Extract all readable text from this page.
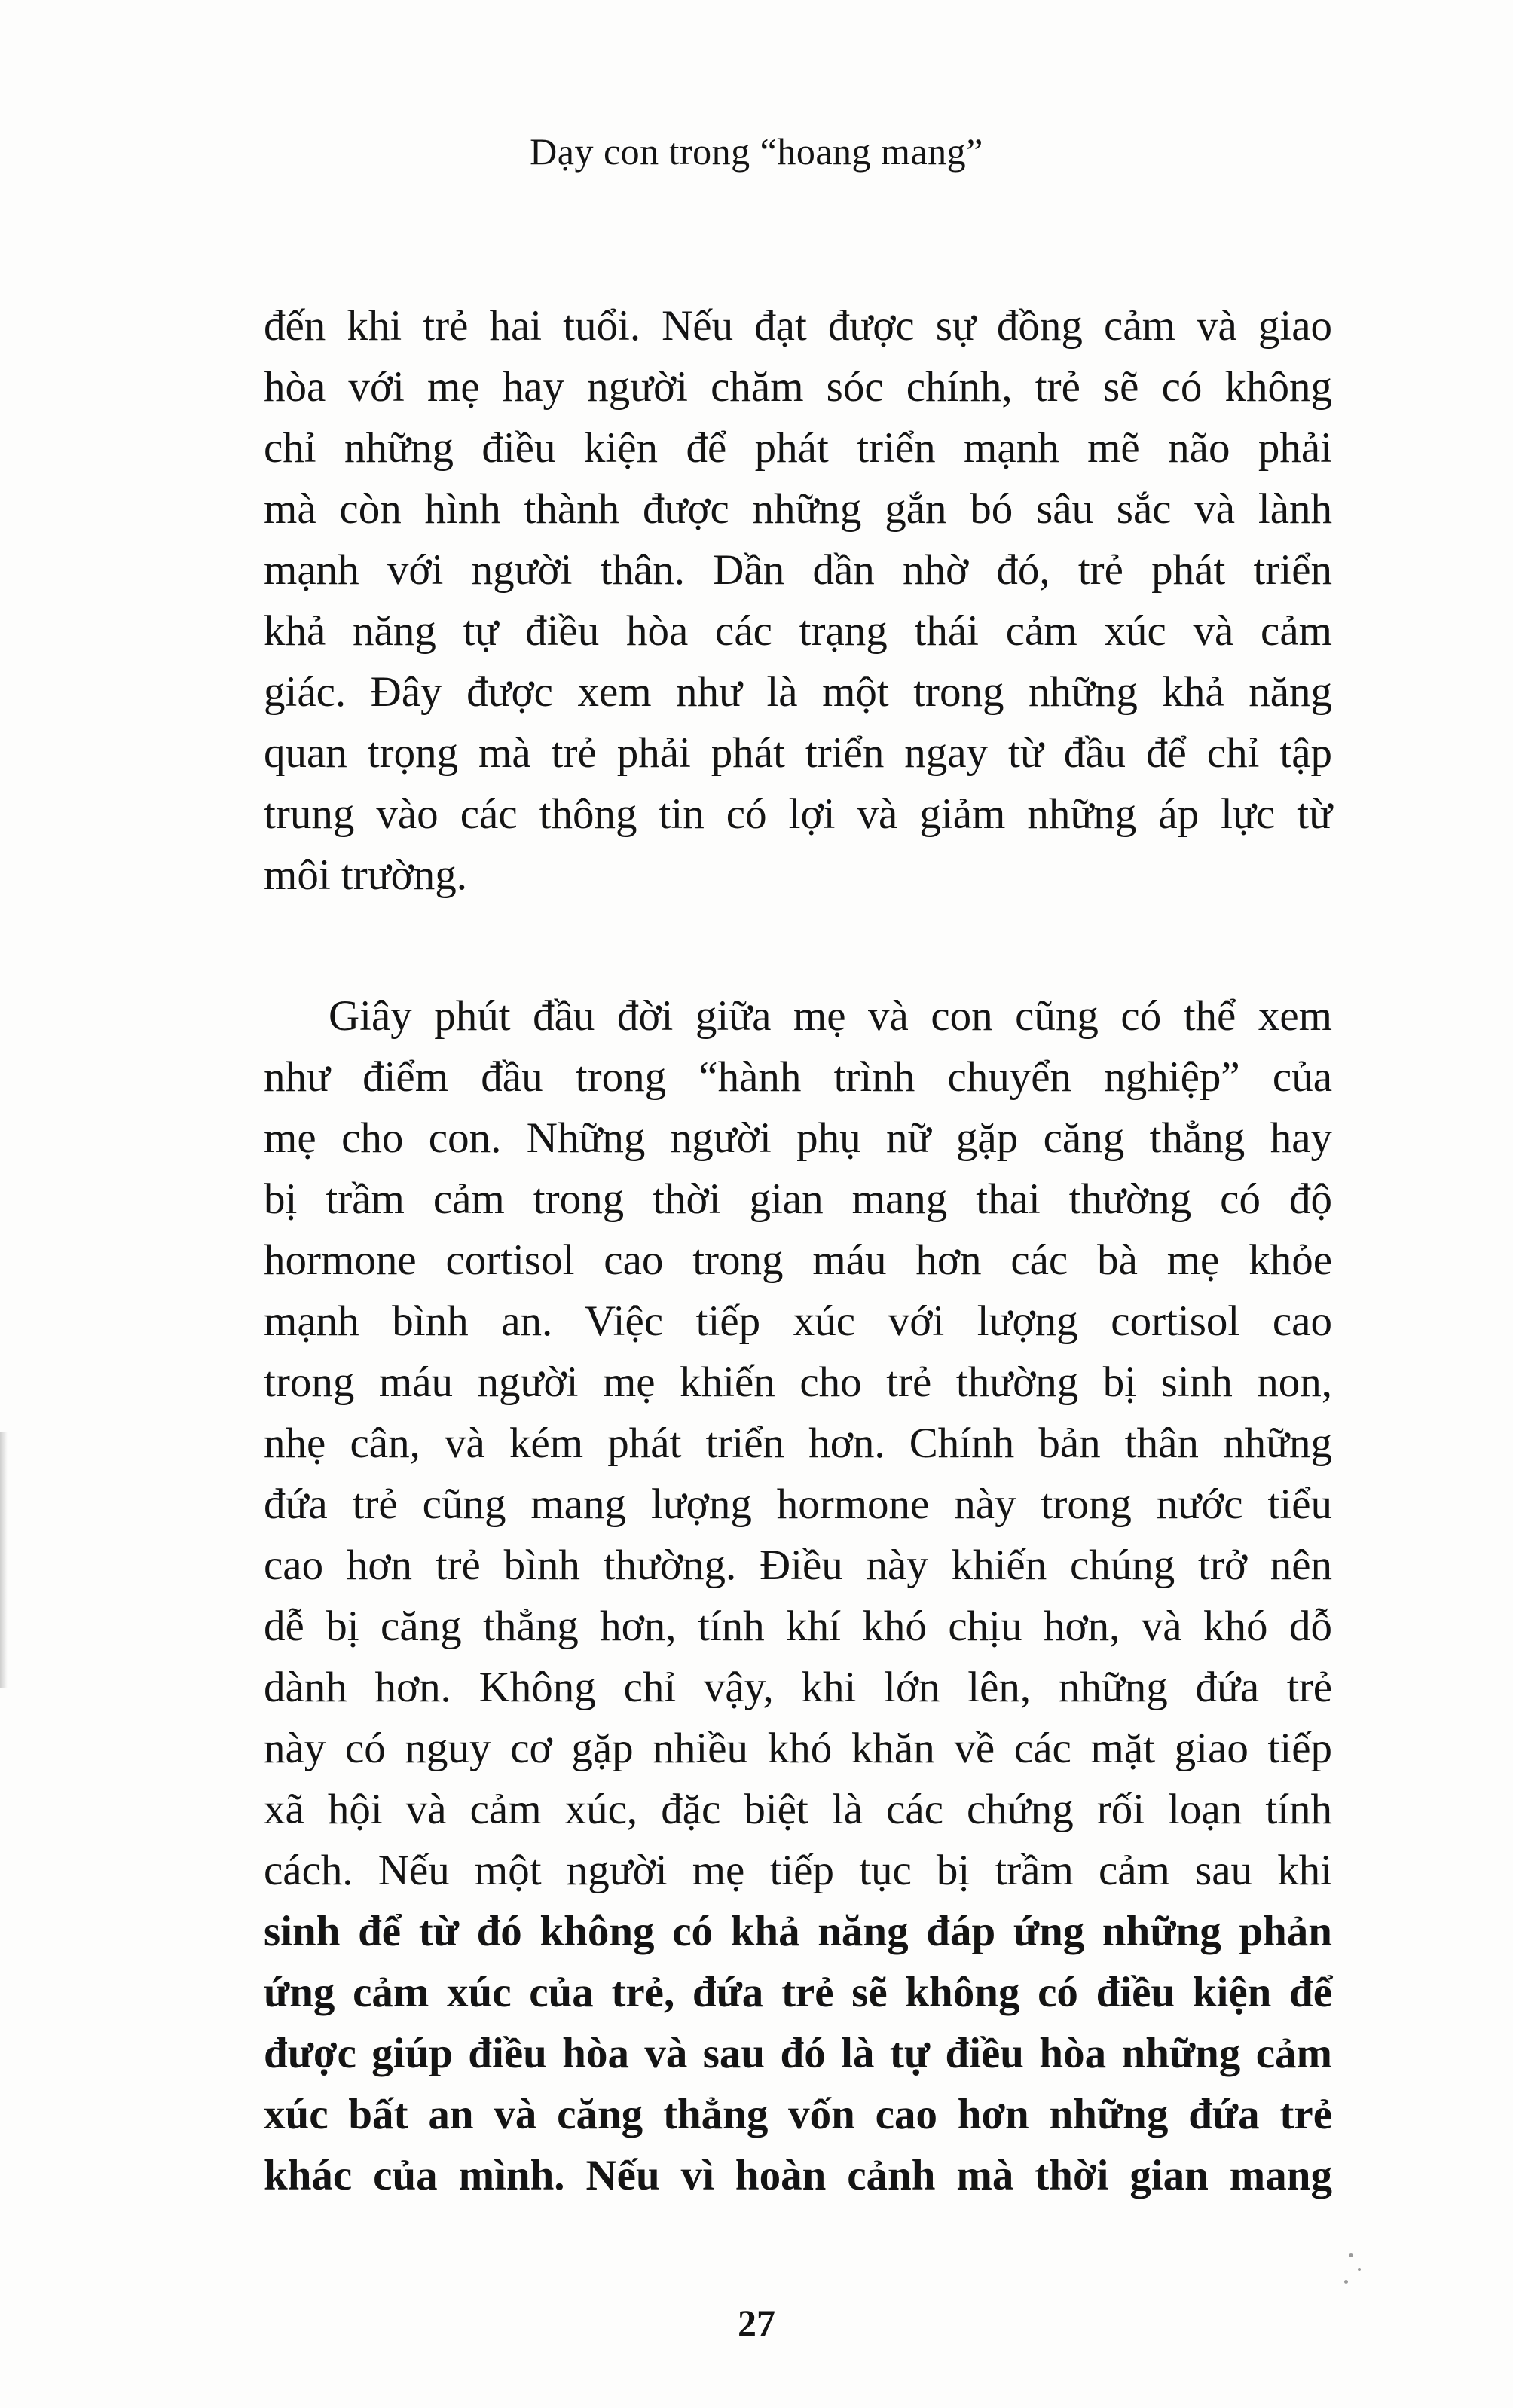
Dạy con trong “hoang mang”
đến khi trẻ hai tuổi. Nếu đạt được sự đồng cảm và giao
hòa với mẹ hay người chăm sóc chính, trẻ sẽ có không
chỉ những điều kiện để phát triển mạnh mẽ não phải
mà còn hình thành được những gắn bó sâu sắc và lành
mạnh với người thân. Dần dần nhờ đó, trẻ phát triển
khả năng tự điều hòa các trạng thái cảm xúc và cảm
giác. Đây được xem như là một trong những khả năng
quan trọng mà trẻ phải phát triển ngay từ đầu để chỉ tập
trung vào các thông tin có lợi và giảm những áp lực từ
môi trường.
Giây phút đầu đời giữa mẹ và con cũng có thể xem
như điểm đầu trong “hành trình chuyển nghiệp” của
mẹ cho con. Những người phụ nữ gặp căng thẳng hay
bị trầm cảm trong thời gian mang thai thường có độ
hormone cortisol cao trong máu hơn các bà mẹ khỏe
mạnh bình an. Việc tiếp xúc với lượng cortisol cao
trong máu người mẹ khiến cho trẻ thường bị sinh non,
nhẹ cân, và kém phát triển hơn. Chính bản thân những
đứa trẻ cũng mang lượng hormone này trong nước tiểu
cao hơn trẻ bình thường. Điều này khiến chúng trở nên
dễ bị căng thẳng hơn, tính khí khó chịu hơn, và khó dỗ
dành hơn. Không chỉ vậy, khi lớn lên, những đứa trẻ
này có nguy cơ gặp nhiều khó khăn về các mặt giao tiếp
xã hội và cảm xúc, đặc biệt là các chứng rối loạn tính
cách. Nếu một người mẹ tiếp tục bị trầm cảm sau khi
sinh để từ đó không có khả năng đáp ứng những phản
ứng cảm xúc của trẻ, đứa trẻ sẽ không có điều kiện để
được giúp điều hòa và sau đó là tự điều hòa những cảm
xúc bất an và căng thẳng vốn cao hơn những đứa trẻ
khác của mình. Nếu vì hoàn cảnh mà thời gian mang
27
